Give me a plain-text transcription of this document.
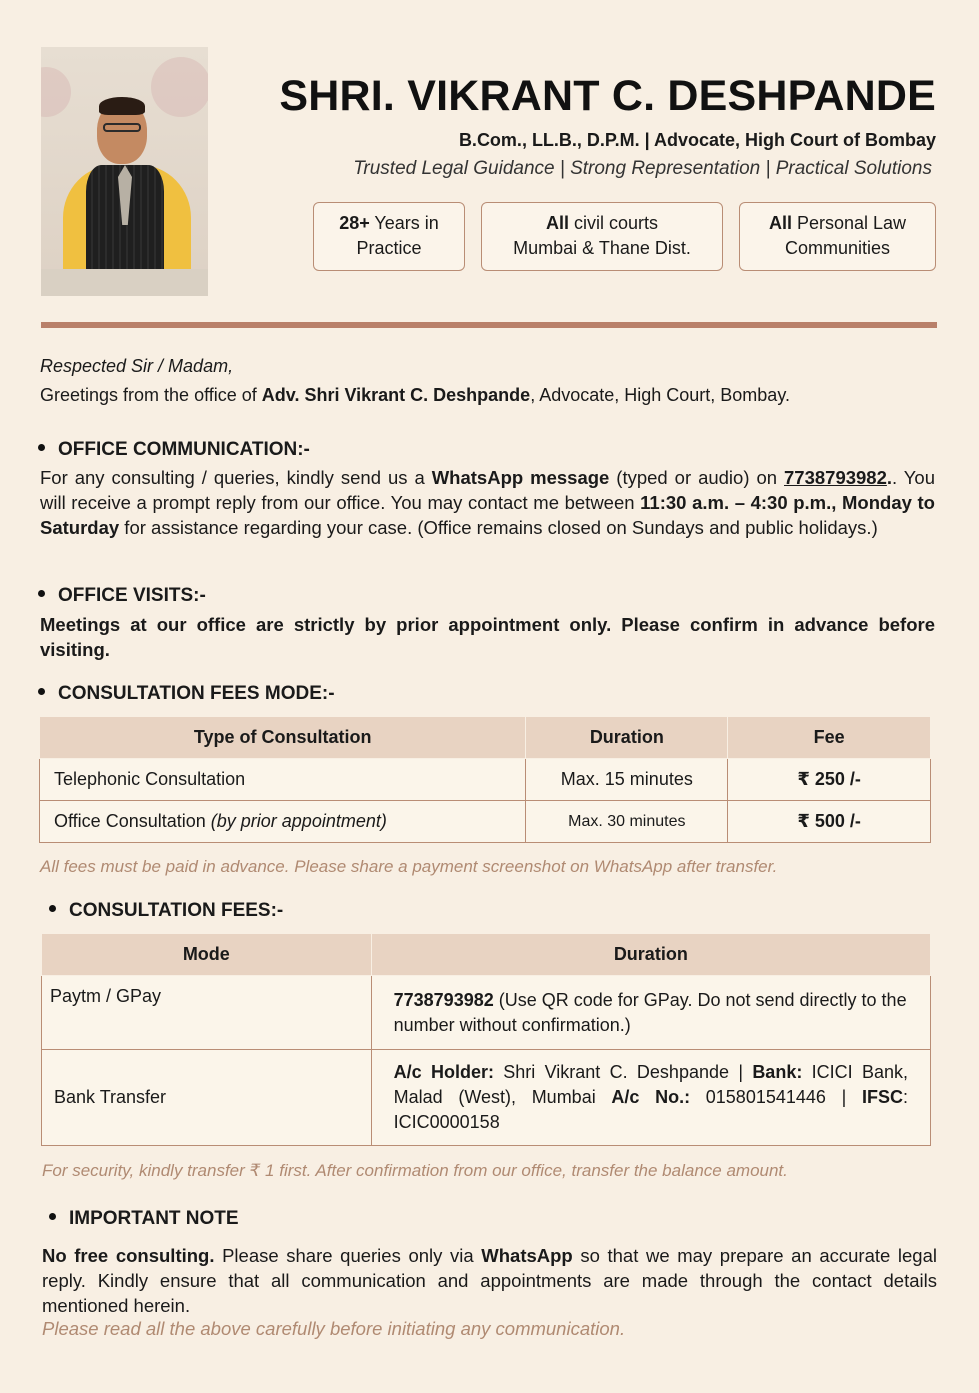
SHRI. VIKRANT C. DESHPANDE
B.Com., LL.B., D.P.M. | Advocate, High Court of Bombay
Trusted Legal Guidance | Strong Representation | Practical Solutions
28+ Years in
Practice
All civil courts
Mumbai & Thane Dist.
All Personal Law
Communities
Respected Sir / Madam,
Greetings from the office of Adv. Shri Vikrant C. Deshpande, Advocate, High Court, Bombay.
OFFICE COMMUNICATION:-
For any consulting / queries, kindly send us a WhatsApp message (typed or audio) on 7738793982.. You will receive a prompt reply from our office. You may contact me between 11:30 a.m. – 4:30 p.m., Monday to Saturday for assistance regarding your case. (Office remains closed on Sundays and public holidays.)
OFFICE VISITS:-
Meetings at our office are strictly by prior appointment only. Please confirm in advance before visiting.
CONSULTATION FEES MODE:-
Type of Consultation	Duration	Fee
Telephonic Consultation	Max. 15 minutes	₹ 250 /-
Office Consultation (by prior appointment)	Max. 30 minutes	₹ 500 /-
All fees must be paid in advance. Please share a payment screenshot on WhatsApp after transfer.
CONSULTATION FEES:-
Mode	Duration
Paytm / GPay	7738793982 (Use QR code for GPay. Do not send directly to the number without confirmation.)
Bank Transfer	A/c Holder: Shri Vikrant C. Deshpande | Bank: ICICI Bank, Malad (West), Mumbai A/c No.: 015801541446 | IFSC: ICIC0000158
For security, kindly transfer ₹ 1 first. After confirmation from our office, transfer the balance amount.
IMPORTANT NOTE
No free consulting. Please share queries only via WhatsApp so that we may prepare an accurate legal reply. Kindly ensure that all communication and appointments are made through the contact details mentioned herein.
Please read all the above carefully before initiating any communication.
